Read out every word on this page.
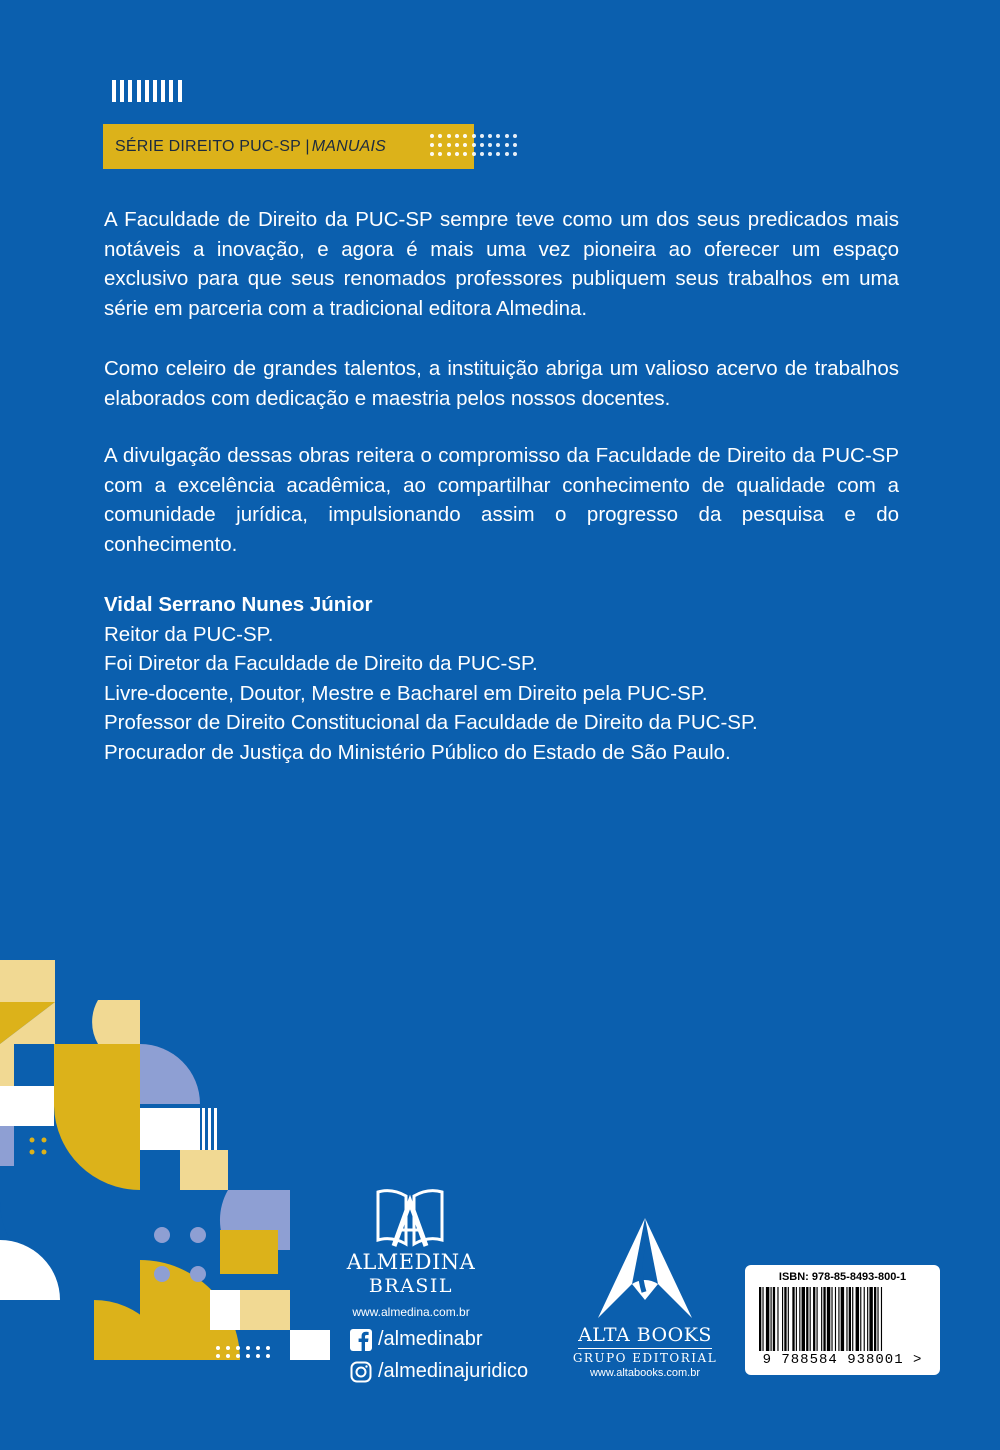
SÉRIE DIREITO PUC-SP | MANUAIS

A Faculdade de Direito da PUC-SP sempre teve como um dos seus predicados mais notáveis a inovação, e agora é mais uma vez pioneira ao oferecer um espaço exclusivo para que seus renomados professores publiquem seus trabalhos em uma série em parceria com a tradicional editora Almedina.

Como celeiro de grandes talentos, a instituição abriga um valioso acervo de trabalhos elaborados com dedicação e maestria pelos nossos docentes.

A divulgação dessas obras reitera o compromisso da Faculdade de Direito da PUC-SP com a excelência acadêmica, ao compartilhar conhecimento de qualidade com a comunidade jurídica, impulsionando assim o progresso da pesquisa e do conhecimento.

Vidal Serrano Nunes Júnior
Reitor da PUC-SP.
Foi Diretor da Faculdade de Direito da PUC-SP.
Livre-docente, Doutor, Mestre e Bacharel em Direito pela PUC-SP.
Professor de Direito Constitucional da Faculdade de Direito da PUC-SP.
Procurador de Justiça do Ministério Público do Estado de São Paulo.
ALMEDINA
BRASIL
www.almedina.com.br
/almedinabr
/almedinajuridico
ALTA BOOKS
GRUPO EDITORIAL
www.altabooks.com.br
ISBN: 978-85-8493-800-1
9 788584 938001 >
